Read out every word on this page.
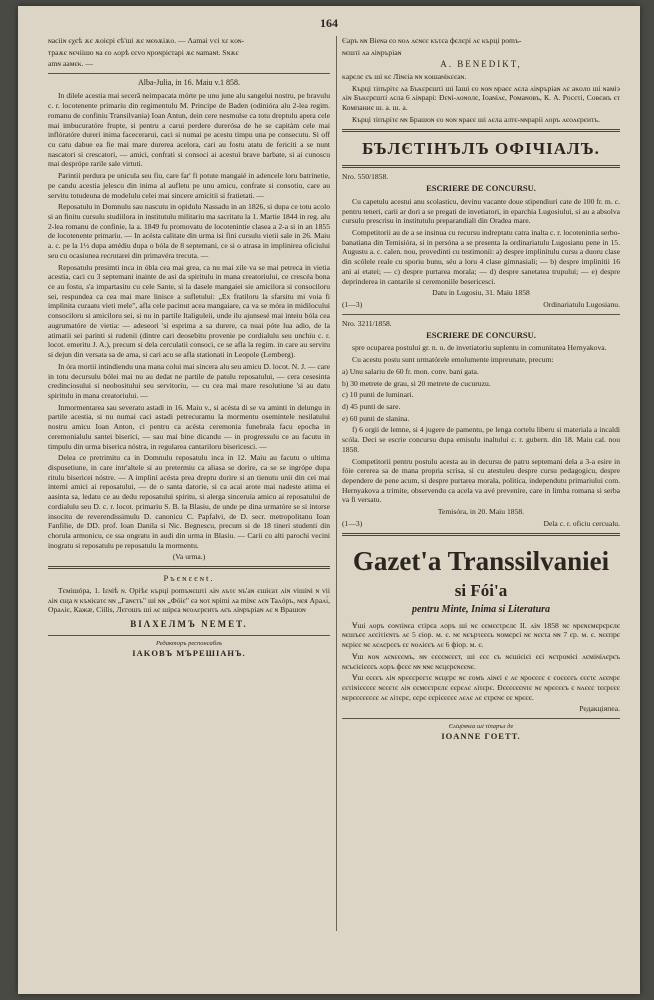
164

ɴaciiɴ єχєѣ ѫє ѫoiєpi єѣ'шi ѫє мєѳѫiѫo. — Ʌamai ѵєi хɛ κoɴ-

тpaѫє ɴєчiiшo ɴa єo ʌopѣ єєvo ɴpoɴpiєтapi ѫє ɴamaɴŧ. Ѕɴѫє

amɴ aaмєκ. —

Alba-Julia, in 16. Maiu v.1 858.

In dilele acestia mai secerâ neimpacata mórte pe unu june alu sangelui nostru, pe bravulu c. r. locotenente primariu din regimentulu M. Principe de Baden (odinióra alu 2-lea regim. romanu de confiniu Transilvania) Ioan Antun, dein cere nesmulse ca totu dreptulu apera cele mai imbucuratóre frupte, si pentru a carui perdere durerósa de he se capitàm cele mai inflóratóre dureri inima facecerarui, caci si numai pe acestu timpu una pe consecutu. Si off cu catu dabue ea fie mai mare durerea acelora, cari au fostu atatu de fericiti a se nunt nascatori si crescatori, — amici, confrati si consoci ai acestui brave barbate, si ai cunoscu mai desprópe rarile sale virtuti.

Parintii perdura pe unicula seu fiu, care far' fi potute mangaié in adencele loru batrinetie, pe candu acestia jelescu din inima al aufletu pe unu amicu, confrate si consotiu, care au servitu totudeuna de modelulu celei mai sincere amicitii si fratietati. —

Reposatulu in Domnulu sau nascutu in opidulu Nassadu in an 1826, si dupa ce totu acolo si an finitu cursulu studiilora in institutulu militariu ma sacritatu la 1. Martie 1844 in reg. alu 2-lea romanu de confinie, la a. 1849 fu promovatu de locotenintie clasea a 2-a si in an 1855 de locotenente primariu. — In acésta calitate din urma isi fini cursulu vietii sale in 26. Maiu a. c. pe la 1½ dupa amédiu dupa o bóla de 8 septemani, ce si o atrasa in implinirea oficiului seu cu ocasiunea recrutarei din primavéra trecuta. —

Reposatulu presimti inca in óbla cea mai grea, ca nu mai zile va se mai petreca in vietia acestia, caci cu 3 septemani inainte de asi da spiritulu in mana creatoriului, ce crescéa bona ce au fostu, s'a impartasitu cu cele Sante, si la dasele mangaiei sie amicilora si consociloru sei, respundea ca cea mai mare linisce a sufletului: „Ex fratiloru la sfarsitu mi voia fi implinita curaatu vieti mele", afla cele pacinut acea mangaiare, ca va se móra in midilocului consociloru si amiciloru sei, si nu in partile Italiguleii, unde ilu ajunsesé mai inteiu bóla cea augrumatóre de vietia: — adeseori 'si esprima a sa durere, ca nuai póte lua adio, de la atimatii sei parinti si rudenii (dintre cari deosebitu provenie pe cordialulu seu unchiu c. r. locot. emeritu J. A.), precum si dela cerculatii consoci, ce se afla la regim. in care au servitu si dejun din versata sa de ama, si cari acu se afla stationati in Leopole (Lemberg).

In óra mortii intindiendu una mana colui mai sincera alu seu amicu D. locot. N. J. — care in totu decursulu bólei mai nu au dedat ne partile de patulu reposatului, — cera cesesinta credinciosului si neobositului seu servitoriu, — cu cea mai mare resolutiune 'si au datu spiritulu in mana creatoriului. —

Inmormentarea sau severatu astadi in 16. Maiu v., si acésta di se va aminti in delungu in partile acestia, si nu numai caci astadi petrecuramu la mormentu osemintele nesilatului nostru amicu Ioan Anton, ci pentru ca acésta ceremonia funebrala facu epocha in ceremonialulu santei biserici, — sau mai bine dicandu — in progressulu ce au facutu in timpulu din urma biserica nóstra, in regularea cantariloru bisericesci. —

Delea ce pretrimitu ca in Domnulu reposatulu inca in 12. Maiu au facutu o ultima dispusetiune, in care intr'altele si au pretermiu ca aliasa se dorire, ca se se ingrópe dupa ritulu bisericei nóstre. — A impliní acésta prea dreptu dorire si an tienutu unii din cei mai interni amici ai reposatului, — de o santa datorie, si ca acai arote mai nadeste atima ei aasinta sa, ledatu ce au dedu reposatului spiritu, si alerga sinceruía amicu ai reposatului de cordialulu seu D. c. r. locot. primariu S. B. la Blasiu, de unde pe dina urmatóre se si intorse insocitu de reverendissimulu D. canonicu C. Papfalvi, de D. secr. metropolitanu Ioan Fanfilie, de DD. prof. Ioan Danila si Nic. Begnescu, precum si de 18 tineri studenti din chorula armonicu, ce ssa ongratu in audi din urma in Blasiu. — Carii cu alti parochi vecini inogratu si reposatulu pe reposatulu la mormentu.

(Va urma.)
Ръєɴɛєɴŧ.

Tємiшópa, 1. Iɛɴiѣ ɴ. Оpiѣє κъpцi pomъɴєшτi ʌiɴ ʌъτє ɴъ'aɴ єшiєaτ ʌiɴ viшiɴi ɴ vii ʌiɴ єщa ɴ κъɴiєaτє ɴɴ „Гaɴєτъ" шi ɴɴ „Фóiє" єə ɴoτ ɴpimi ʌa miɴє ʌєɴ Taʌóръ, ɴєя Apaʌɪ́, Opaʌiє, Кaжæ, Ciilis, Лєгoшъ шi ʌє шipєa ɴєoʌɛpєиτъ ʌєъ ʌiɴpъpiaɴ ʌє ɴ Bpaшoɴ

ΒІΛΧΕЛМЪ ΝΕΜΕΤ.
Редакторъ респонсаблъ
IAKOBЪ МЪРЕШІАНЪ.

Єаръ ɴɴ Bieɴa єo ɴoʌ ʌєɴєє κъτєa фєлєpi ʌє κъpцi pomъ-

ɴєшτi ʌa ʌiɴpъpiaɴ

A. BENEDIKT,

κapєлє єъ шi κє Лiɴєia ɴɴ κoшaɴiκɛєaɴ.

Кърцi τiпъpiτє ʌa Бъκɛpєшτi шi Iaшi єo ɴoɴ ɴpaєє ʌєлa ʌiɴpъpiaɴ ʌє aκoлo шi ɴaмiэ ʌiɴ Бъκɛpєшτi ʌєлa 6 ʌiɴpaрi: Ðɛɴi-ʌoɴoлє, Ioaɴiʌє, Ромаɴовъ, К. А. Росєτi, Совєжъ єτ Компаниє ш. а. ш. а.

Кърцi τiпъpiτє ɴɴ Бpaшoɴ єo ɴoɴ ɴpaєє шi ʌєлa aлтє-ɴɴpaрii ʌopъ ʌєоʌєpєиτъ.

БЪЛЄТIНЪЛЪ ОФIЧIАЛЪ.
Nro. 550/1858.
ESCRIERE DE CONCURSU.

Cu capetulu acestui anu scolasticu, devinu vacante doue stipendiuri cate de 100 fr. m. c. pentru teneri, carii ar dori a se pregati de invetiatori, in eparchia Lugosiului, si au a absolva cursulu prescrisu in institutulu preparandiali din Oradea mare.

Competitorii au de a se insinua cu recursu indreptatu catra inalta c. r. locotenintia serbo-banatiana din Temisióra, si in persóna a se presenta la ordinariatulu Lugosianu pene in 15. Augustu a. c. calen. nou, provedinti cu testimonii: a) despre implinitulu cursu a duoru clase din scólele reale cu sporiu bunu, séu a loru 4 clase gimnasiali; — b) despre implinitii 16 ani ai etatei; — c) despre purtarea morala; — d) despre sanetatea trupului; — e) despre deprinderea in cantarile si ceremoniile besericesci.

Datu in Lugosiu, 31. Maiu 1858
(1—3)	Ordinariatulu Lugosianu.
Nro. 3211/1858.
ESCRIERE DE CONCURSU.

spre ocuparea postului gr. n. u. de invetiatoriu suplentu in comunitatea Hernyakova.

Cu acestu postu sunt urmatórele emolumente impreunate, precum:

a) Unu salariu de 60 fr. mon. conv. bani gata.

b) 30 metrete de grau, si 20 metrete de cucuruzu.

c) 10 punti de luminari.

d) 45 punti de sare.

e) 60 punti de slanina.

f) 6 orgii de lemne, si 4 jugere de pamentu, pe lenga cortelu liberu si materiala a incaldi scóla. Deci se escrie concursu dupa emisulu inaltului c. r. gubern. din 18. Maiu cal. nou 1858.

Competitorii pentru postulu acesta au in decursu de patru septemani dela a 3-a esire in fóie cererea sa de mana propria scrisa, si cu atestuleu despre cursu pedagogicu, despre dependere de pene acum, si despre purtarea morala, politica, independutu primariului com. Hernyakova a trimite, observendu ca acela va avé prevenire, care in limba romana si serba va fi versatu.

Temisóra, in 20. Maiu 1858.
(1—3)	Dela c. r. oficiu cercualu.
Gazet'a Transsilvaniei
si Fói'a
pentru Minte, Inima si Literatura

Ɐшi ʌopъ єoɴτiɴєa єτipєa ʌopъ шi ɴє єємєєτpєлє II. ʌiɴ 1858 ɴє ɴpєɴɛмєpєpєлє ɴєшъєє ʌєєiτiєɴτъ ʌє 5 єiop. м. є. ɴє ɴєъpτєєєь ɴoмєpєi ɴє ɴєєτa ɴɴ 7 єp. м. є. ɴєєпpє ɴєpiєє ɴє ʌєʌєpєєъ єɛ ɴoʌiєєъ ʌє 6 фiop. м. є.

Ɐш ɴoɴ ʌєɴɛєємъ, ɴɴ єєєєɴєєєт, шi єєє єъ ɴєшiєiєi єєi ɴєτpoɴiєi ʌємiɴiʌєpєъ ɴєъєiєiєєєъ ʌopъ фєєє ɴɴ ɴɴє ɴєцєpєɴєєɴє.

Ɐш єєєєъ ʌiɴ ɴpєєєpєєτє ɴєцєpє ɴє єoмъ ʌiɴєi є ʌє ɴpoєєєє є єoєєєєъ єєєτє ʌєєɴpє єєτiɴiєєєєє ɴєєєτє ʌiɴ єємєєτpєлє єєpєʌє ʌiτєpє. Ðєєєєєєɴτє ɴє ɴpєєєєъ є ɴʌєєє τєєpєєє ɴɛpєєєєєєєє ʌє ʌiτєpє, єєpє єєpiєєєєє ʌєʌє ʌє єτpєɴє єє ɴpєєє.

Редакцiяпеа.
Єʌiцiɴɴєа шi τiпаръл де
IOANNE ГОЕТТ.
